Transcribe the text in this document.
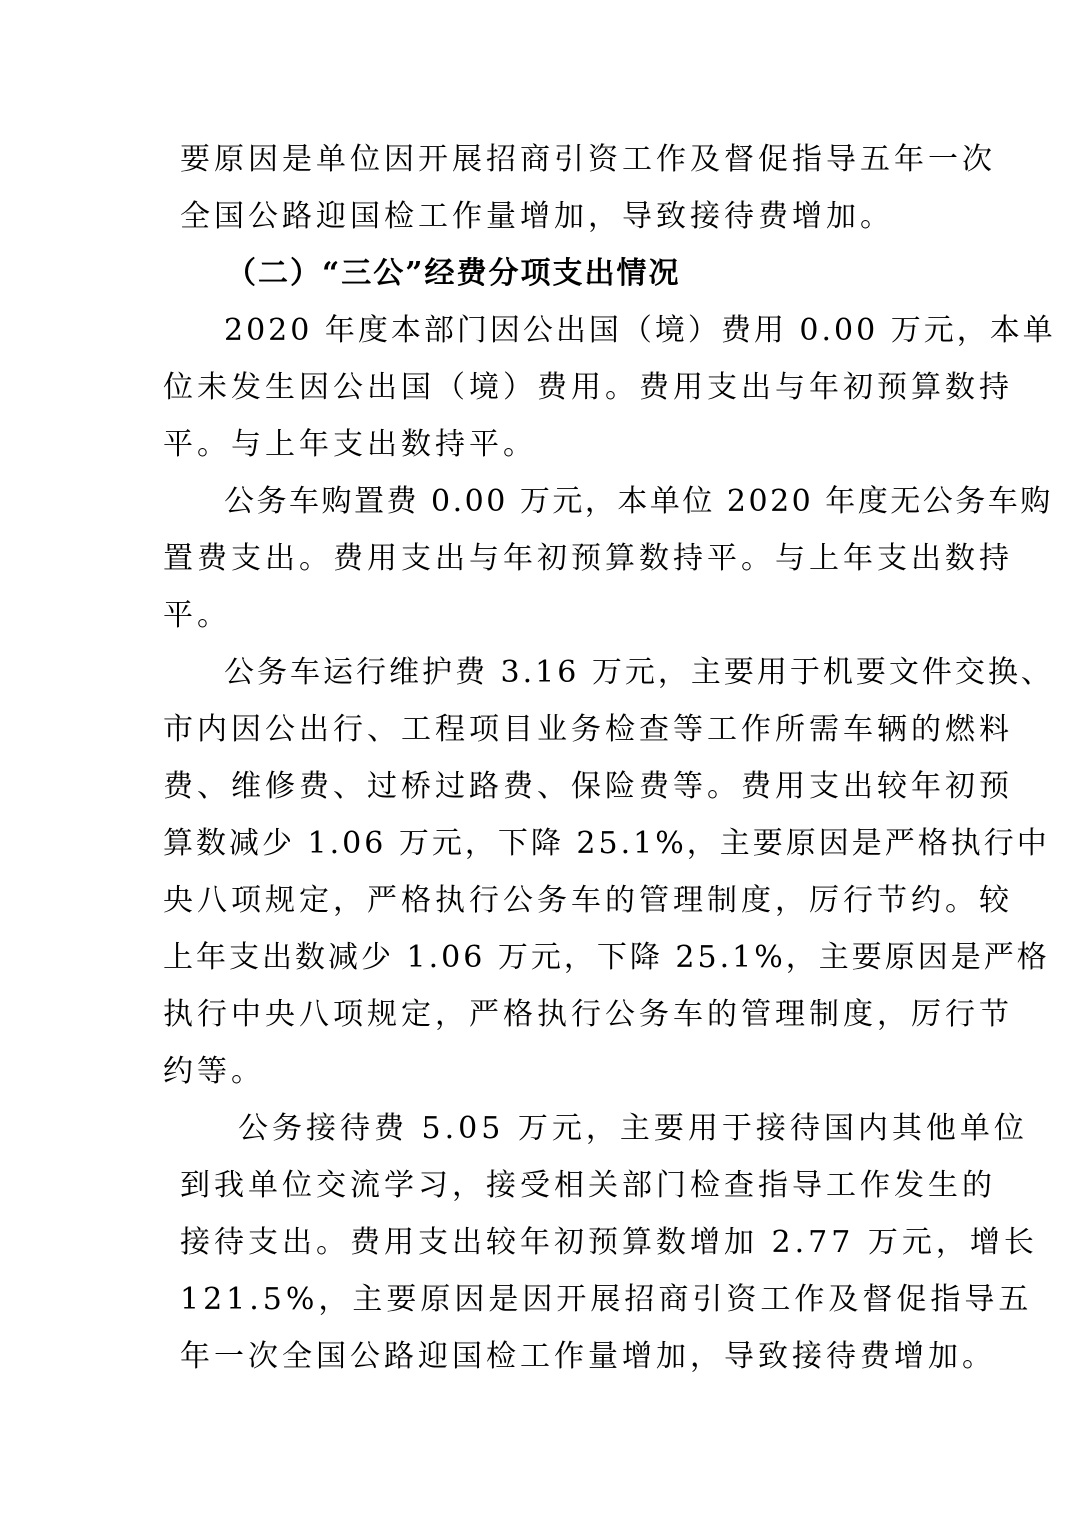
要原因是单位因开展招商引资工作及督促指导五年一次
全国公路迎国检工作量增加，导致接待费增加。
（二）“三公”经费分项支出情况
2020 年度本部门因公出国（境）费用 0.00 万元，本单
位未发生因公出国（境）费用。费用支出与年初预算数持
平。与上年支出数持平。
公务车购置费 0.00 万元，本单位 2020 年度无公务车购
置费支出。费用支出与年初预算数持平。与上年支出数持
平。
公务车运行维护费 3.16 万元，主要用于机要文件交换、
市内因公出行、工程项目业务检查等工作所需车辆的燃料
费、维修费、过桥过路费、保险费等。费用支出较年初预
算数减少 1.06 万元，下降 25.1%，主要原因是严格执行中
央八项规定，严格执行公务车的管理制度，厉行节约。较
上年支出数减少 1.06 万元，下降 25.1%，主要原因是严格
执行中央八项规定，严格执行公务车的管理制度，厉行节
约等。
公务接待费 5.05 万元，主要用于接待国内其他单位
到我单位交流学习，接受相关部门检查指导工作发生的
接待支出。费用支出较年初预算数增加 2.77 万元，增长
121.5%，主要原因是因开展招商引资工作及督促指导五
年一次全国公路迎国检工作量增加，导致接待费增加。
